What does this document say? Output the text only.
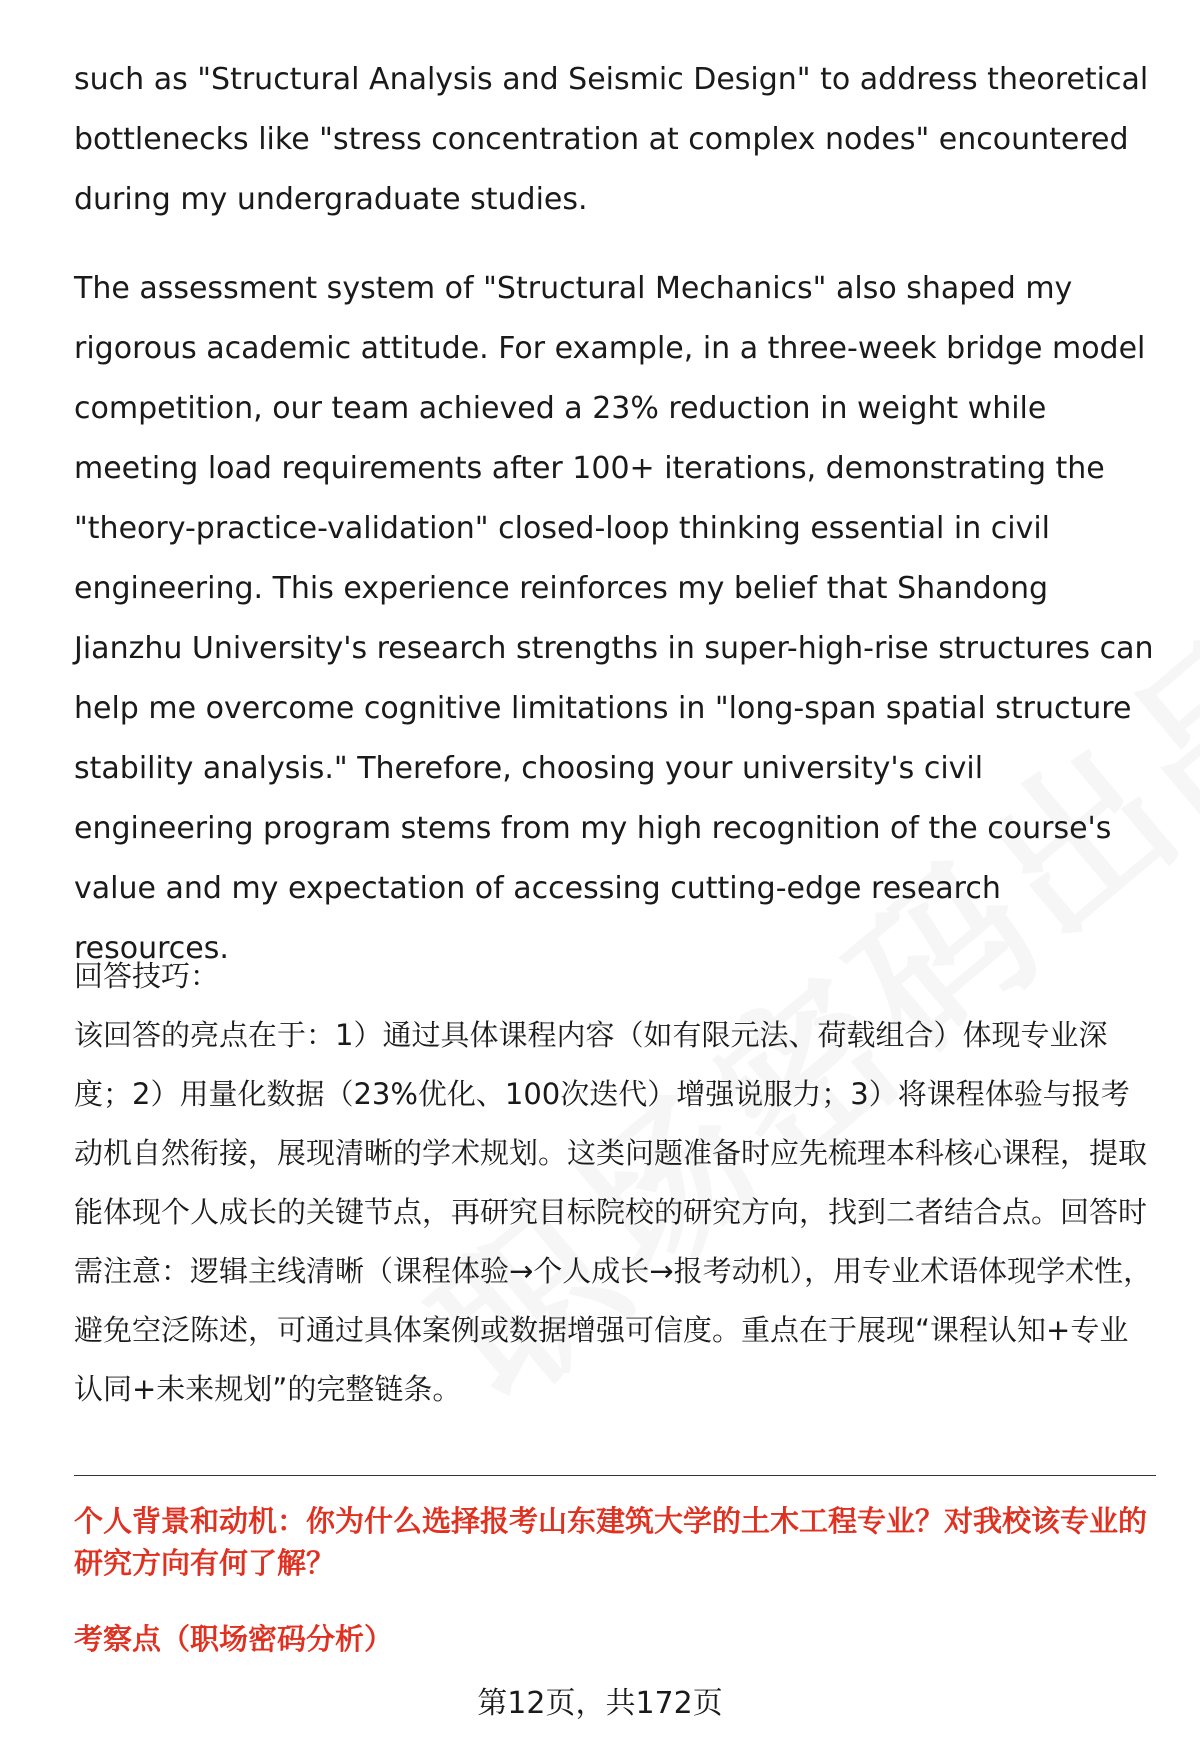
such as "Structural Analysis and Seismic Design" to address theoretical bottlenecks like "stress concentration at complex nodes" encountered during my undergraduate studies.

The assessment system of "Structural Mechanics" also shaped my rigorous academic attitude. For example, in a three-week bridge model competition, our team achieved a 23% reduction in weight while meeting load requirements after 100+ iterations, demonstrating the "theory-practice-validation" closed-loop thinking essential in civil engineering. This experience reinforces my belief that Shandong Jianzhu University's research strengths in super-high-rise structures can help me overcome cognitive limitations in "long-span spatial structure stability analysis." Therefore, choosing your university's civil engineering program stems from my high recognition of the course's value and my expectation of accessing cutting-edge research resources.

回答技巧：

该回答的亮点在于：1）通过具体课程内容（如有限元法、荷载组合）体现专业深度；2）用量化数据（23%优化、100次迭代）增强说服力；3）将课程体验与报考动机自然衔接，展现清晰的学术规划。这类问题准备时应先梳理本科核心课程，提取能体现个人成长的关键节点，再研究目标院校的研究方向，找到二者结合点。回答时需注意：逻辑主线清晰（课程体验→个人成长→报考动机），用专业术语体现学术性，避免空泛陈述，可通过具体案例或数据增强可信度。重点在于展现“课程认知+专业认同+未来规划”的完整链条。

个人背景和动机：你为什么选择报考山东建筑大学的土木工程专业？对我校该专业的研究方向有何了解？

考察点（职场密码分析）

第12页，共172页
